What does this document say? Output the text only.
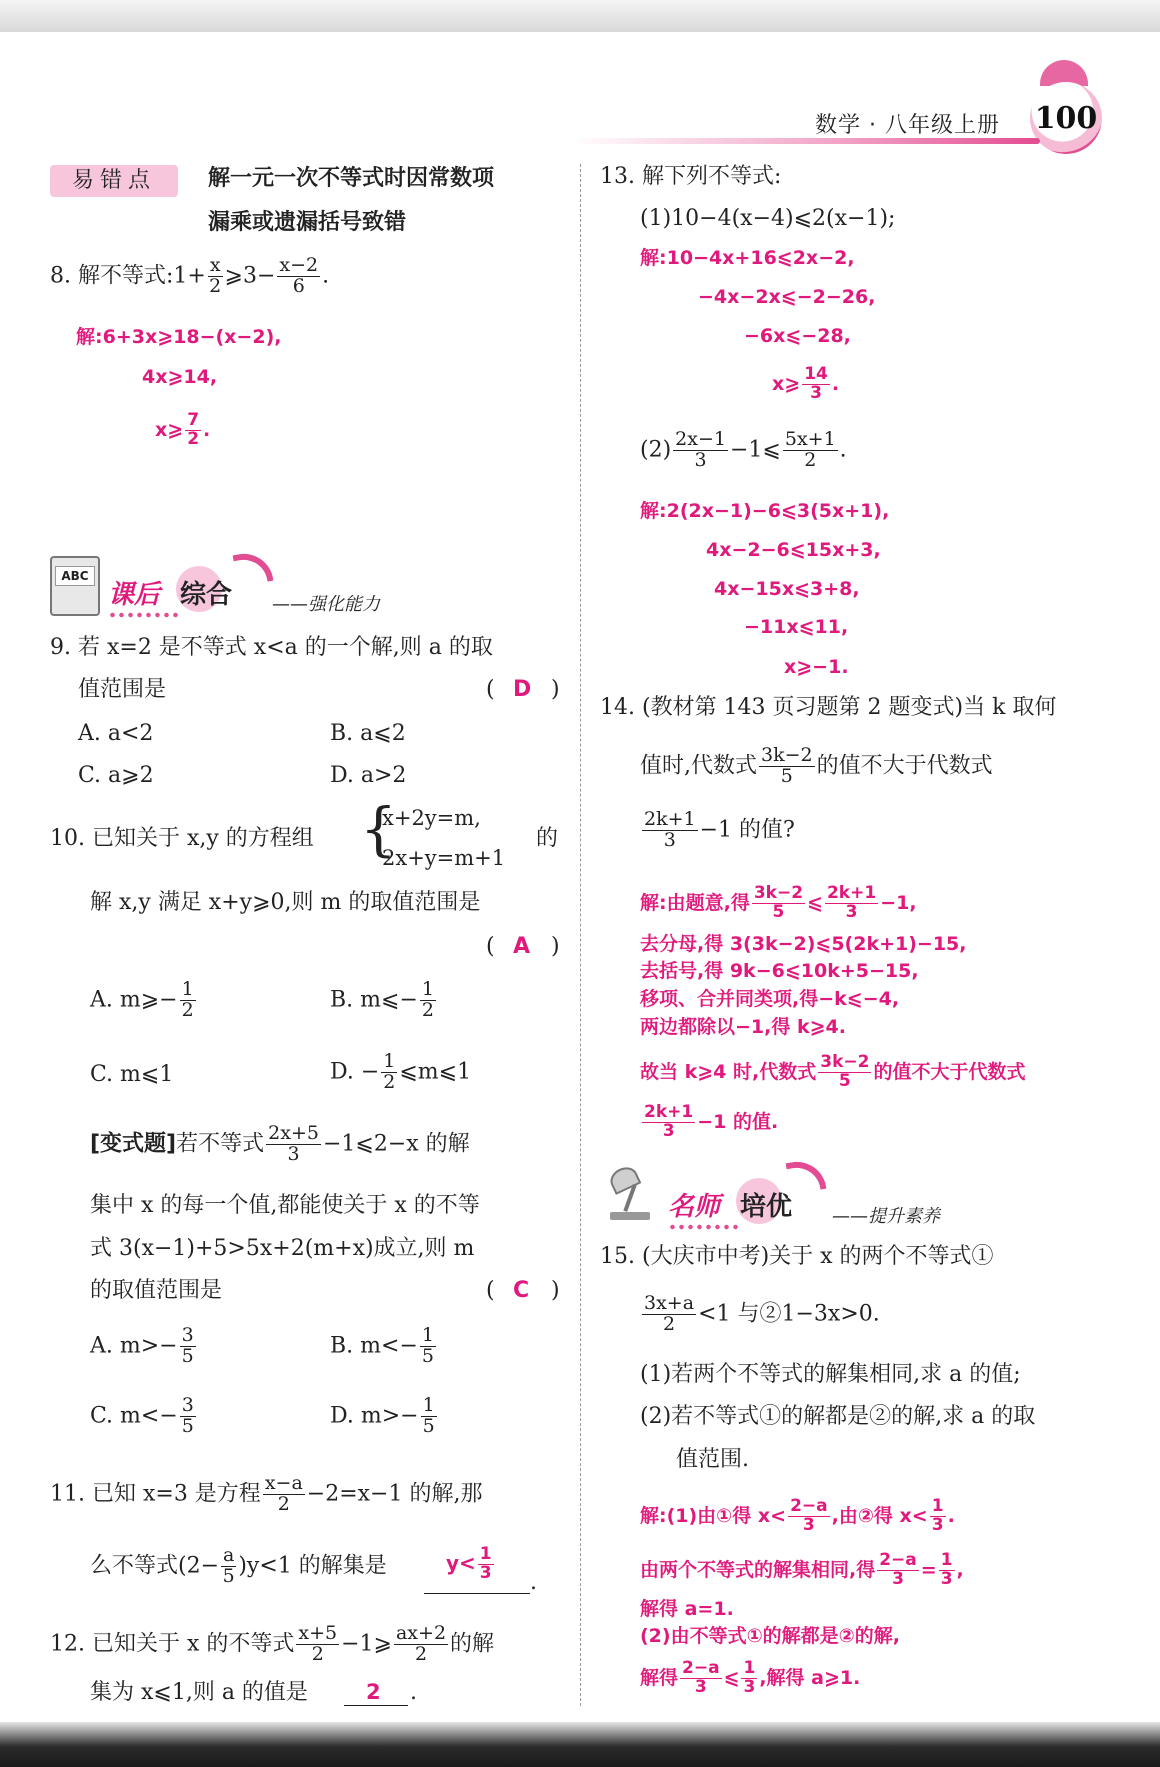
100
数学 · 八年级上册
易错点	解一元一次不等式时因常数项
漏乘或遗漏括号致错
8. 解不等式:1+ $\frac{x}{2}$ ⩾3− $\frac{x-2}{6}$ .
解:6+3x⩾18−(x−2),
4x⩾14,
x⩾ $\frac{7}{2}$ .
ABC
课后 综合 ——强化能力
9. 若 x=2 是不等式 x<a 的一个解,则 a 的取
值范围是	( D )
A. a<2	B. a⩽2
C. a⩾2	D. a>2
10. 已知关于 x,y 的方程组 {
x+2y=m,
2x+y=m+1
的
解 x,y 满足 x+y⩾0,则 m 的取值范围是
( A )
A. m⩾− $\frac{1}{2}$	B. m⩽− $\frac{1}{2}$
C. m⩽1	D. − $\frac{1}{2}$ ⩽m⩽1
[变式题]若不等式 $\frac{2x+5}{3}$ −1⩽2−x 的解
集中 x 的每一个值,都能使关于 x 的不等
式 3(x−1)+5>5x+2(m+x)成立,则 m
的取值范围是	( C )
A. $m>- \frac{3}{5}$	B. $m<- \frac{1}{5}$
C. $m<- \frac{3}{5}$	D. $m>- \frac{1}{5}$
11. 已知 x=3 是方程 $\frac{x-a}{2} -2=x-1$ 的解,那
么不等式$(2- \frac{a}{5} )y<1$ 的解集是	$y< \frac{1}{3}$ .
12. 已知关于 x 的不等式 $\frac{x+5}{2}$ −1⩾ $\frac{ax+2}{2}$ 的解
集为 x⩽1,则 a 的值是	2 .
13. 解下列不等式:
(1)10−4(x−4)⩽2(x−1);
解:10−4x+16⩽2x−2,
−4x−2x⩽−2−26,
−6x⩽−28,
x⩾ $\frac{14}{3}$ .
$(2) \frac{2x-1}{3}$ −1⩽ $\frac{5x+1}{2}$ .
解:2(2x−1)−6⩽3(5x+1),
4x−2−6⩽15x+3,
4x−15x⩽3+8,
−11x⩽11,
x⩾−1.
14. (教材第 143 页习题第 2 题变式)当 k 取何
值时,代数式 $\frac{3k-2}{5}$ 的值不大于代数式
$\frac{2k+1}{3} -1$ 的值?
解:由题意,得 $\frac{3k-2}{5}$ ⩽ $\frac{2k+1}{3} -1$,
去分母,得 3(3k−2)⩽5(2k+1)−15,
去括号,得 9k−6⩽10k+5−15,
移项、合并同类项,得−k⩽−4,
两边都除以−1,得 k⩾4.
故当 k⩾4 时,代数式 $\frac{3k-2}{5}$ 的值不大于代数式
$\frac{2k+1}{3} -1$ 的值.
名师 培优 ——提升素养
15. (大庆市中考)关于 x 的两个不等式①
$\frac{3x+a}{2} <1$ 与②1−3x>0.
(1)若两个不等式的解集相同,求 a 的值;
(2)若不等式①的解都是②的解,求 a 的取
值范围.
解:(1)由①得 $x< \frac{2-a}{3}$ ,由②得 $x< \frac{1}{3}$ .
由两个不等式的解集相同,得 $\frac{2-a}{3} = \frac{1}{3}$ ,
解得 a=1.
(2)由不等式①的解都是②的解,
解得 $\frac{2-a}{3}$ ⩽ $\frac{1}{3}$ ,解得 a⩾1.
